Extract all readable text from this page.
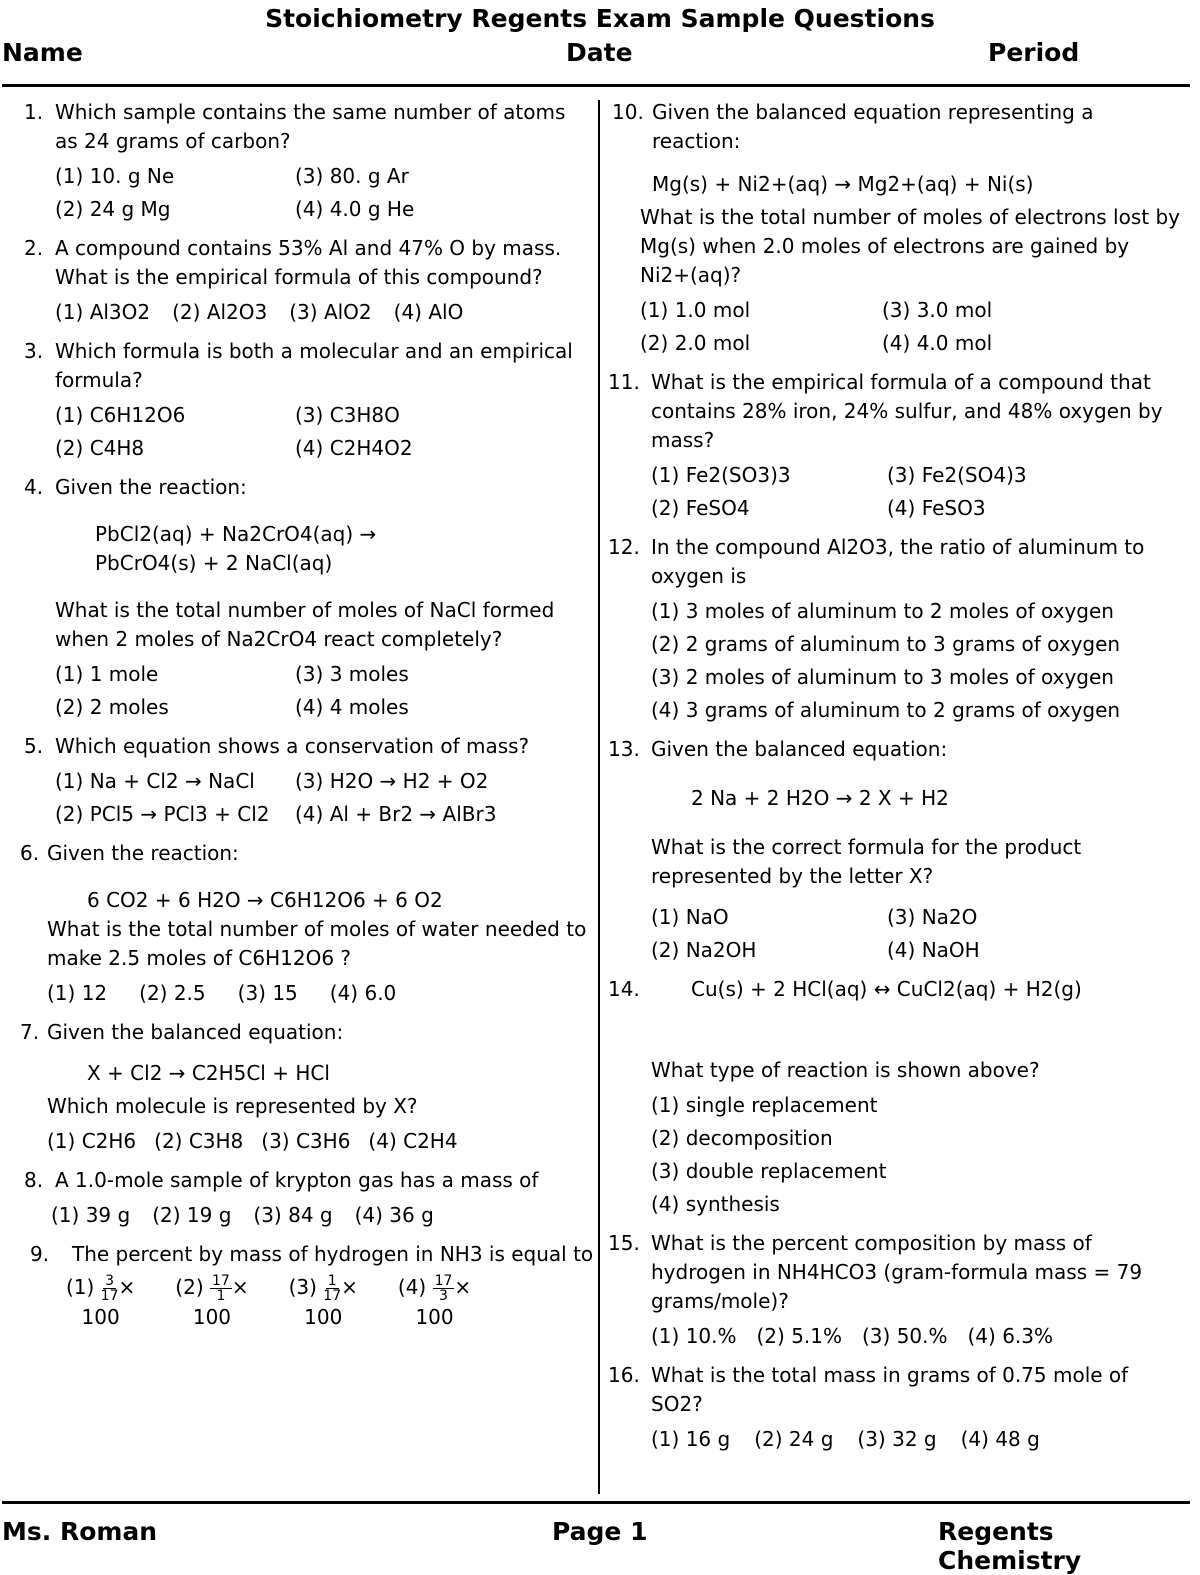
Stoichiometry Regents Exam Sample Questions
Name	Date	Period
Ms. Roman	Page 1	Regents Chemistry
1. Which sample contains the same number of atoms as 24 grams of carbon?
(1) 10. g Ne	(3) 80. g Ar
(2) 24 g Mg	(4) 4.0 g He
2. A compound contains 53% Al and 47% O by mass. What is the empirical formula of this compound?
(1) Al3O2 (2) Al2O3 (3) AlO2 (4) AlO
3. Which formula is both a molecular and an empirical formula?
(1) C6H12O6	(3) C3H8O
(2) C4H8	(4) C2H4O2
4. Given the reaction:
PbCl2(aq) + Na2CrO4(aq) →
PbCrO4(s) + 2 NaCl(aq)
What is the total number of moles of NaCl formed when 2 moles of Na2CrO4 react completely?
(1) 1 mole	(3) 3 moles
(2) 2 moles	(4) 4 moles
5. Which equation shows a conservation of mass?
(1) Na + Cl2 → NaCl	(3) H2O → H2 + O2
(2) PCl5 → PCl3 + Cl2	(4) Al + Br2 → AlBr3
6. Given the reaction:
6 CO2 + 6 H2O → C6H12O6 + 6 O2
What is the total number of moles of water needed to make 2.5 moles of C6H12O6 ?
(1) 12 (2) 2.5 (3) 15 (4) 6.0
7. Given the balanced equation:
X + Cl2 → C2H5Cl + HCl
Which molecule is represented by X?
(1) C2H6 (2) C3H8 (3) C3H6 (4) C2H4
8. A 1.0-mole sample of krypton gas has a mass of
(1) 39 g (2) 19 g (3) 84 g (4) 36 g
9. The percent by mass of hydrogen in NH3 is equal to
$(1) \frac{3}{17}$ ×
100
$(2) \frac{17}{1}$ ×
100
$(3) \frac{1}{17}$ ×
100
$(4) \frac{17}{3}$ ×
100
10. Given the balanced equation representing a reaction:
Mg(s) + Ni2+(aq) → Mg2+(aq) + Ni(s)
What is the total number of moles of electrons lost by Mg(s) when 2.0 moles of electrons are gained by Ni2+(aq)?
(1) 1.0 mol	(3) 3.0 mol
(2) 2.0 mol	(4) 4.0 mol
11. What is the empirical formula of a compound that contains 28% iron, 24% sulfur, and 48% oxygen by mass?
(1) Fe2(SO3)3	(3) Fe2(SO4)3
(2) FeSO4	(4) FeSO3
12. In the compound Al2O3, the ratio of aluminum to oxygen is
(1) 3 moles of aluminum to 2 moles of oxygen
(2) 2 grams of aluminum to 3 grams of oxygen
(3) 2 moles of aluminum to 3 moles of oxygen
(4) 3 grams of aluminum to 2 grams of oxygen
13. Given the balanced equation:
2 Na + 2 H2O → 2 X + H2
What is the correct formula for the product represented by the letter X?
(1) NaO	(3) Na2O
(2) Na2OH	(4) NaOH
14.	Cu(s) + 2 HCl(aq) ↔ CuCl2(aq) + H2(g)
What type of reaction is shown above?
(1) single replacement
(2) decomposition
(3) double replacement
(4) synthesis
15. What is the percent composition by mass of hydrogen in NH4HCO3 (gram-formula mass = 79 grams/mole)?
(1) 10.% (2) 5.1% (3) 50.% (4) 6.3%
16. What is the total mass in grams of 0.75 mole of SO2?
(1) 16 g (2) 24 g (3) 32 g (4) 48 g
